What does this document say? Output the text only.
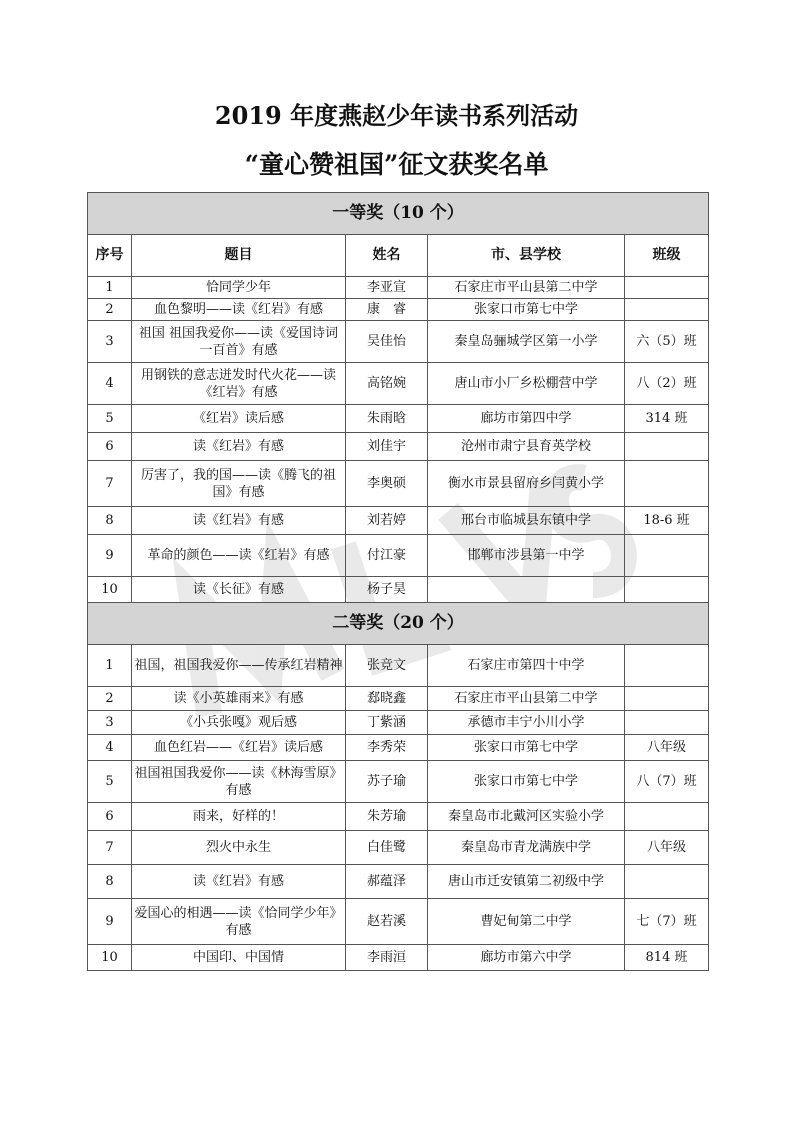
2019 年度燕赵少年读书系列活动
“童心赞祖国”征文获奖名单
一等奖（10 个）				
序号	题目	姓名	市、县学校	班级
1	恰同学少年	李亚宣	石家庄市平山县第二中学	
2	血色黎明——读《红岩》有感	康　睿	张家口市第七中学	
3	祖国 祖国我爱你——读《爱国诗词一百首》有感	吴佳怡	秦皇岛骊城学区第一小学	六（5）班
4	用钢铁的意志迸发时代火花——读《红岩》有感	高铭婉	唐山市小厂乡松棚营中学	八（2）班
5	《红岩》读后感	朱雨晗	廊坊市第四中学	314 班
6	读《红岩》有感	刘佳宇	沧州市肃宁县育英学校	
7	厉害了，我的国——读《腾飞的祖国》有感	李奥硕	衡水市景县留府乡闫黄小学	
8	读《红岩》有感	刘若婷	邢台市临城县东镇中学	18-6 班
9	革命的颜色——读《红岩》有感	付江豪	邯郸市涉县第一中学	
10	读《长征》有感	杨子昊		
二等奖（20 个）				
1	祖国，祖国我爱你——传承红岩精神	张竞文	石家庄市第四十中学	
2	读《小英雄雨来》有感	郄晓鑫	石家庄市平山县第二中学	
3	《小兵张嘎》观后感	丁紫涵	承德市丰宁小川小学	
4	血色红岩——《红岩》读后感	李秀荣	张家口市第七中学	八年级
5	祖国祖国我爱你——读《林海雪原》有感	苏子瑜	张家口市第七中学	八（7）班
6	雨来，好样的！	朱芳瑜	秦皇岛市北戴河区实验小学	
7	烈火中永生	白佳鹭	秦皇岛市青龙满族中学	八年级
8	读《红岩》有感	郝蕴泽	唐山市迁安镇第二初级中学	
9	爱国心的相遇——读《恰同学少年》有感	赵若溪	曹妃甸第二中学	七（7）班
10	中国印、中国情	李雨洹	廊坊市第六中学	814 班
